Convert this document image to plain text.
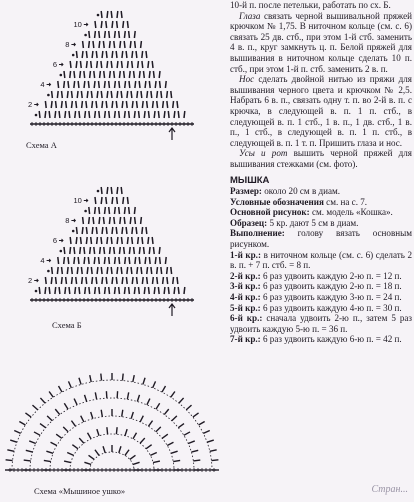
10
8
6
4
2
10
8
6
4
2
Схема А
Схема Б
Схема «Мышиное ушко»

10-й п. после петельки, работать по сх. Б.

Глаза связать черной вышивальной пряжей крючком № 1,75. В ниточном кольце (см. с. 6) связать 25 дв. стб., при этом 1-й стб. заменить 4 в. п., круг замкнуть ц. п. Белой пряжей для вышивания в ниточном кольце сделать 10 п. стб., при этом 1-й п. стб. заменить 2 в. п.

Нос сделать двойной нитью из пряжи для вышивания черного цвета и крючком № 2,5. Набрать 6 в. п., связать одну т. п. во 2-й в. п. с крючка, в следующей в. п. 1 п. стб., в следующей в. п. 1 стб., 1 в. п., 1 дв. стб., 1 в. п., 1 стб., в следующей в. п. 1 п. стб., в следующей в. п. 1 т. п. Пришить глаза и нос.

Усы и рот вышить черной пряжей для вышивания стежками (см. фото).

МЫШКА

Размер: около 20 см в диам.

Условные обозначения см. на с. 7.

Основной рисунок: см. модель «Кошка».

Образец: 5 кр. дают 5 см в диам.

Выполнение: голову вязать основным рисунком.

1-й кр.: в ниточном кольце (см. с. 6) сделать 2 в. п. + 7 п. стб. = 8 п.

2-й кр.: 6 раз удвоить каждую 2-ю п. = 12 п.

3-й кр.: 6 раз удвоить каждую 2-ю п. = 18 п.

4-й кр.: 6 раз удвоить каждую 3-ю п. = 24 п.

5-й кр.: 6 раз удвоить каждую 4-ю п. = 30 п.

6-й кр.: сначала удвоить 2-ю п., затем 5 раз удвоить каждую 5-ю п. = 36 п.

7-й кр.: 6 раз удвоить каждую 6-ю п. = 42 п.

Стран...
